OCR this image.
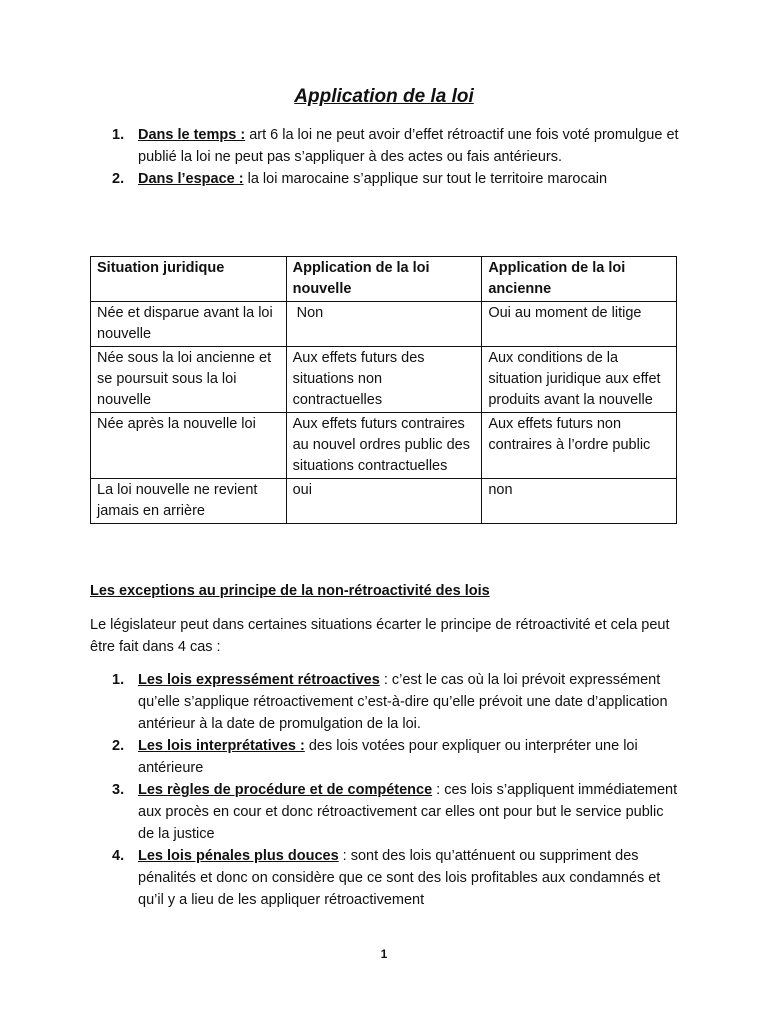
Application de la loi
1. Dans le temps : art 6 la loi ne peut avoir d’effet rétroactif une fois voté promulgue et publié la loi ne peut pas s’appliquer à des actes ou fais antérieurs.
2. Dans l’espace : la loi marocaine s’applique sur tout le territoire marocain
Situation juridique	Application de la loi nouvelle	Application de la loi ancienne
Née et disparue avant la loi nouvelle	Non	Oui au moment de litige
Née sous la loi ancienne et se poursuit sous la loi nouvelle	Aux effets futurs des situations non contractuelles	Aux conditions de la situation juridique aux effet produits avant la nouvelle
Née après la nouvelle loi	Aux effets futurs contraires au nouvel ordres public des situations contractuelles	Aux effets futurs non contraires à l’ordre public
La loi nouvelle ne revient jamais en arrière	oui	non
Les exceptions au principe de la non-rétroactivité des lois
Le législateur peut dans certaines situations écarter le principe de rétroactivité et cela peut être fait dans 4 cas :
1. Les lois expressément rétroactives : c’est le cas où la loi prévoit expressément qu’elle s’applique rétroactivement c’est-à-dire qu’elle prévoit une date d’application antérieur à la date de promulgation de la loi.
2. Les lois interprétatives : des lois votées pour expliquer ou interpréter une loi antérieure
3. Les règles de procédure et de compétence : ces lois s’appliquent immédiatement aux procès en cour et donc rétroactivement car elles ont pour but le service public de la justice
4. Les lois pénales plus douces : sont des lois qu’atténuent ou suppriment des pénalités et donc on considère que ce sont des lois profitables aux condamnés et qu’il y a lieu de les appliquer rétroactivement
1
